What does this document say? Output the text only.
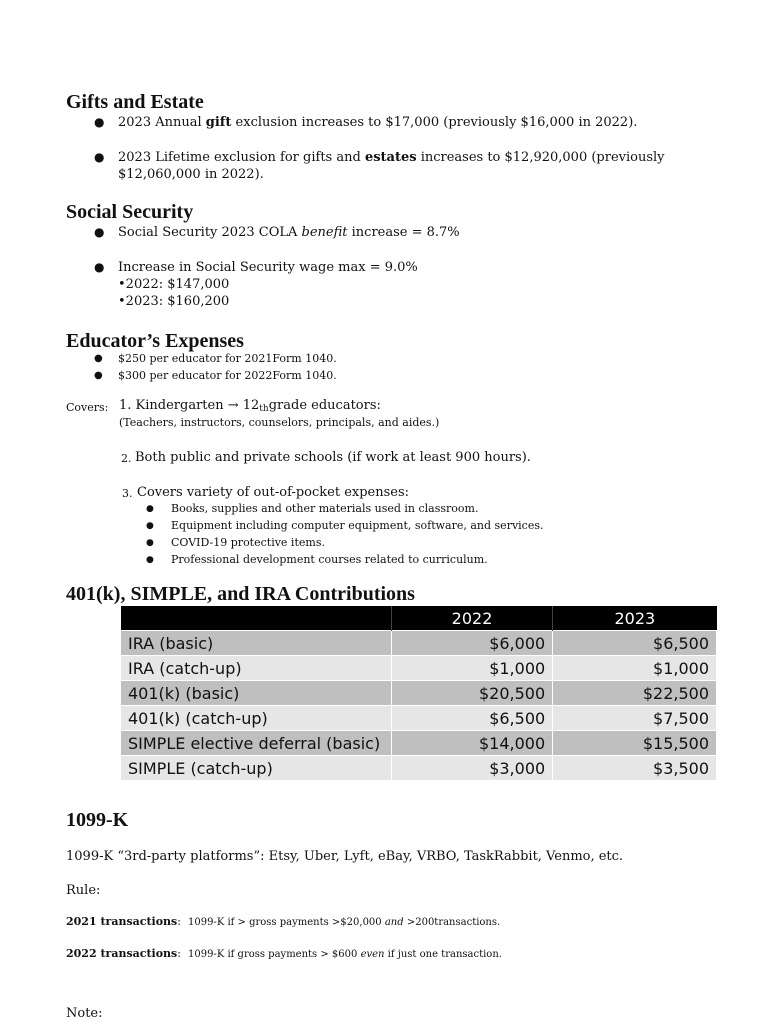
Gifts and Estate
● 2023 Annual gift exclusion increases to $17,000 (previously $16,000 in 2022).
● 2023 Lifetime exclusion for gifts and estates increases to $12,920,000 (previously $12,060,000 in 2022).
Social Security
● Social Security 2023 COLA benefit increase = 8.7%
● Increase in Social Security wage max = 9.0%
•2022: $147,000
•2023: $160,200
Educator’s Expenses
● $250 per educator for 2021Form 1040.
● $300 per educator for 2022Form 1040.
Covers: 1. Kindergarten → 12thgrade educators:
(Teachers, instructors, counselors, principals, and aides.)
2. Both public and private schools (if work at least 900 hours).
3. Covers variety of out-of-pocket expenses:
● Books, supplies and other materials used in classroom.
● Equipment including computer equipment, software, and services.
● COVID-19 protective items.
● Professional development courses related to curriculum.
401(k), SIMPLE, and IRA Contributions
	2022	2023
IRA (basic)	$6,000	$6,500
IRA (catch-up)	$1,000	$1,000
401(k) (basic)	$20,500	$22,500
401(k) (catch-up)	$6,500	$7,500
SIMPLE elective deferral (basic)	$14,000	$15,500
SIMPLE (catch-up)	$3,000	$3,500
1099-K
1099-K “3rd-party platforms”: Etsy, Uber, Lyft, eBay, VRBO, TaskRabbit, Venmo, etc.
Rule:
2021 transactions: 1099-K if > gross payments >$20,000 and >200transactions.
2022 transactions: 1099-K if gross payments > $600 even if just one transaction.
Note:
